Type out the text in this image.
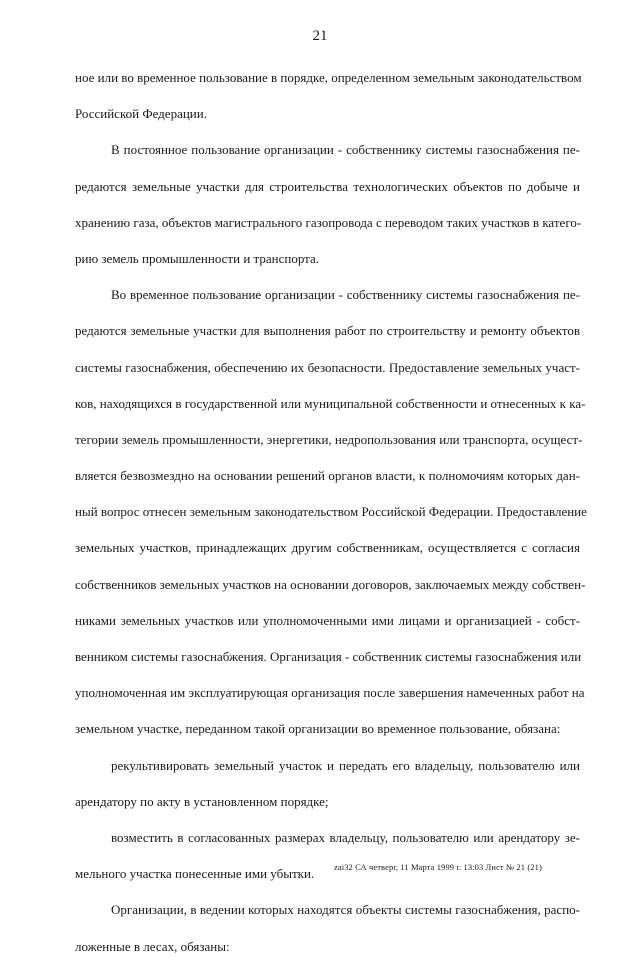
21
ное или во временное пользование в порядке, определенном земельным законодательством
Российской Федерации.
В постоянное пользование организации - собственнику системы газоснабжения пе-
редаются земельные участки для строительства технологических объектов по добыче и
хранению газа, объектов магистрального газопровода с переводом таких участков в катего-
рию земель промышленности и транспорта.
Во временное пользование организации - собственнику системы газоснабжения пе-
редаются земельные участки для выполнения работ по строительству и ремонту объектов
системы газоснабжения, обеспечению их безопасности. Предоставление земельных участ-
ков, находящихся в государственной или муниципальной собственности и отнесенных к ка-
тегории земель промышленности, энергетики, недропользования или транспорта, осущест-
вляется безвозмездно на основании решений органов власти, к полномочиям которых дан-
ный вопрос отнесен земельным законодательством Российской Федерации. Предоставление
земельных участков, принадлежащих другим собственникам, осуществляется с согласия
собственников земельных участков на основании договоров, заключаемых между собствен-
никами земельных участков или уполномоченными ими лицами и организацией - собст-
венником системы газоснабжения. Организация - собственник системы газоснабжения или
уполномоченная им эксплуатирующая организация после завершения намеченных работ на
земельном участке, переданном такой организации во временное пользование, обязана:
рекультивировать земельный участок и передать его владельцу, пользователю или
арендатору по акту в установленном порядке;
возместить в согласованных размерах владельцу, пользователю или арендатору зе-
мельного участка понесенные ими убытки.
Организации, в ведении которых находятся объекты системы газоснабжения, распо-
ложенные в лесах, обязаны:
zai32 СА четверг, 11 Марта 1999 г. 13:03 Лист № 21 (21)
